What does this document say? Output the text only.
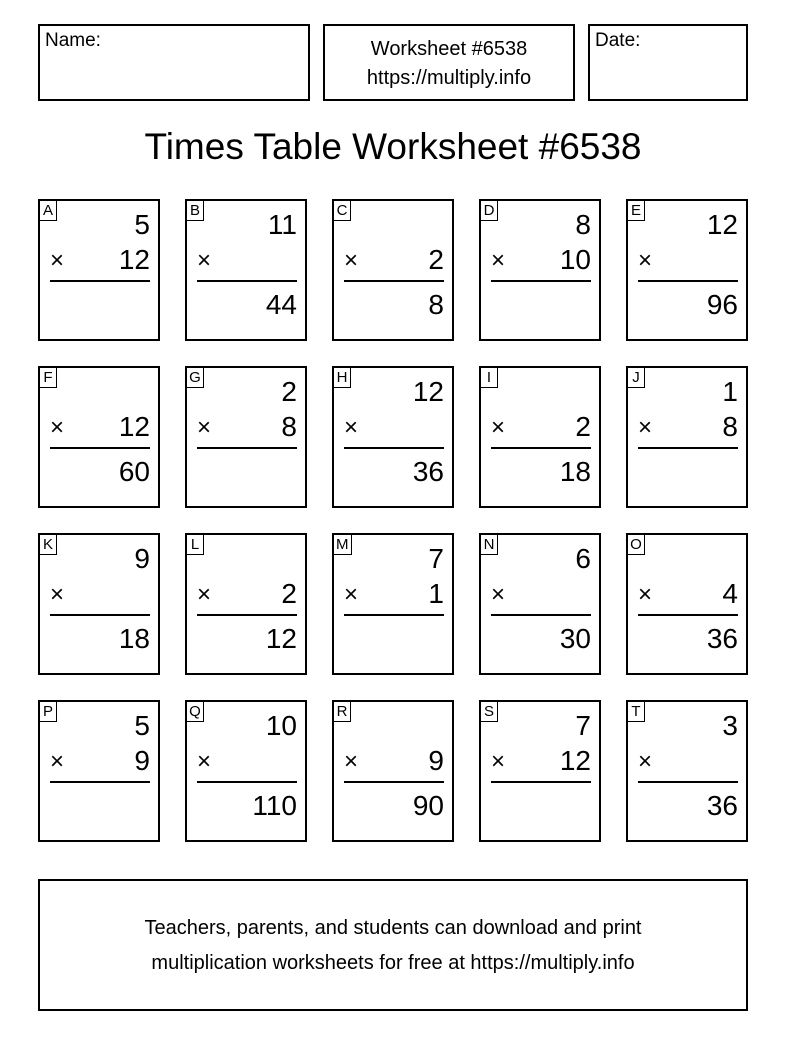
Name:	Worksheet #6538
https://multiply.info
Date:
Times Table Worksheet #6538
A	5
× 12
B 11
×
44
C
×	2
8
D	8
× 10
E 12
×
96
F
× 12
60
G	2
×	8
H 12
×
36
I
×	2
18
J	1
×	8
K	9
×
18
L
×	2
12
M	7
×	1
N	6
×
30
O
×	4
36
P	5
×	9
Q 10
×
110
R
×	9
90
S	7
× 12
T	3
×
36
Teachers, parents, and students can download and print
multiplication worksheets for free at https://multiply.info
